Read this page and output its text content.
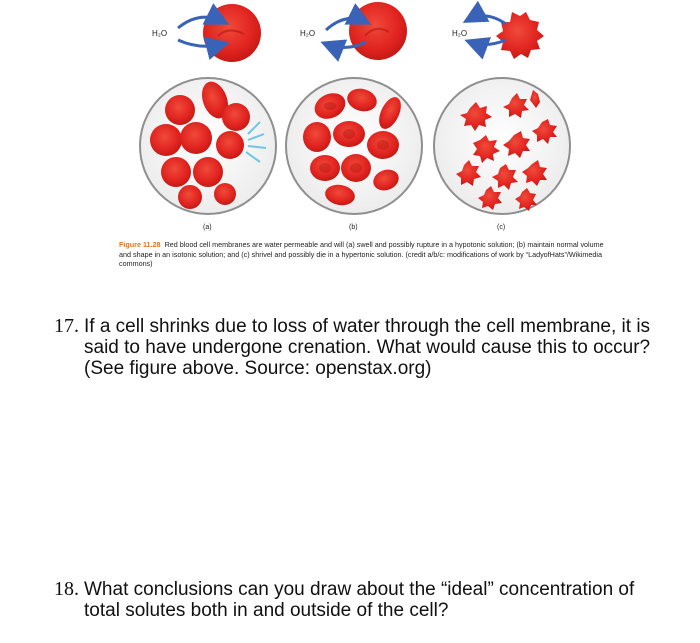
H₂O	H₂O	H₂O
(a)	(b)	(c)
Figure 11.28 Red blood cell membranes are water permeable and will (a) swell and possibly rupture in a hypotonic solution; (b) maintain normal volume and shape in an isotonic solution; and (c) shrivel and possibly die in a hypertonic solution. (credit a/b/c: modifications of work by “LadyofHats”/Wikimedia commons)
17. If a cell shrinks due to loss of water through the cell membrane, it is said to have undergone crenation. What would cause this to occur? (See figure above. Source: openstax.org)
18. What conclusions can you draw about the “ideal” concentration of total solutes both in and outside of the cell?
